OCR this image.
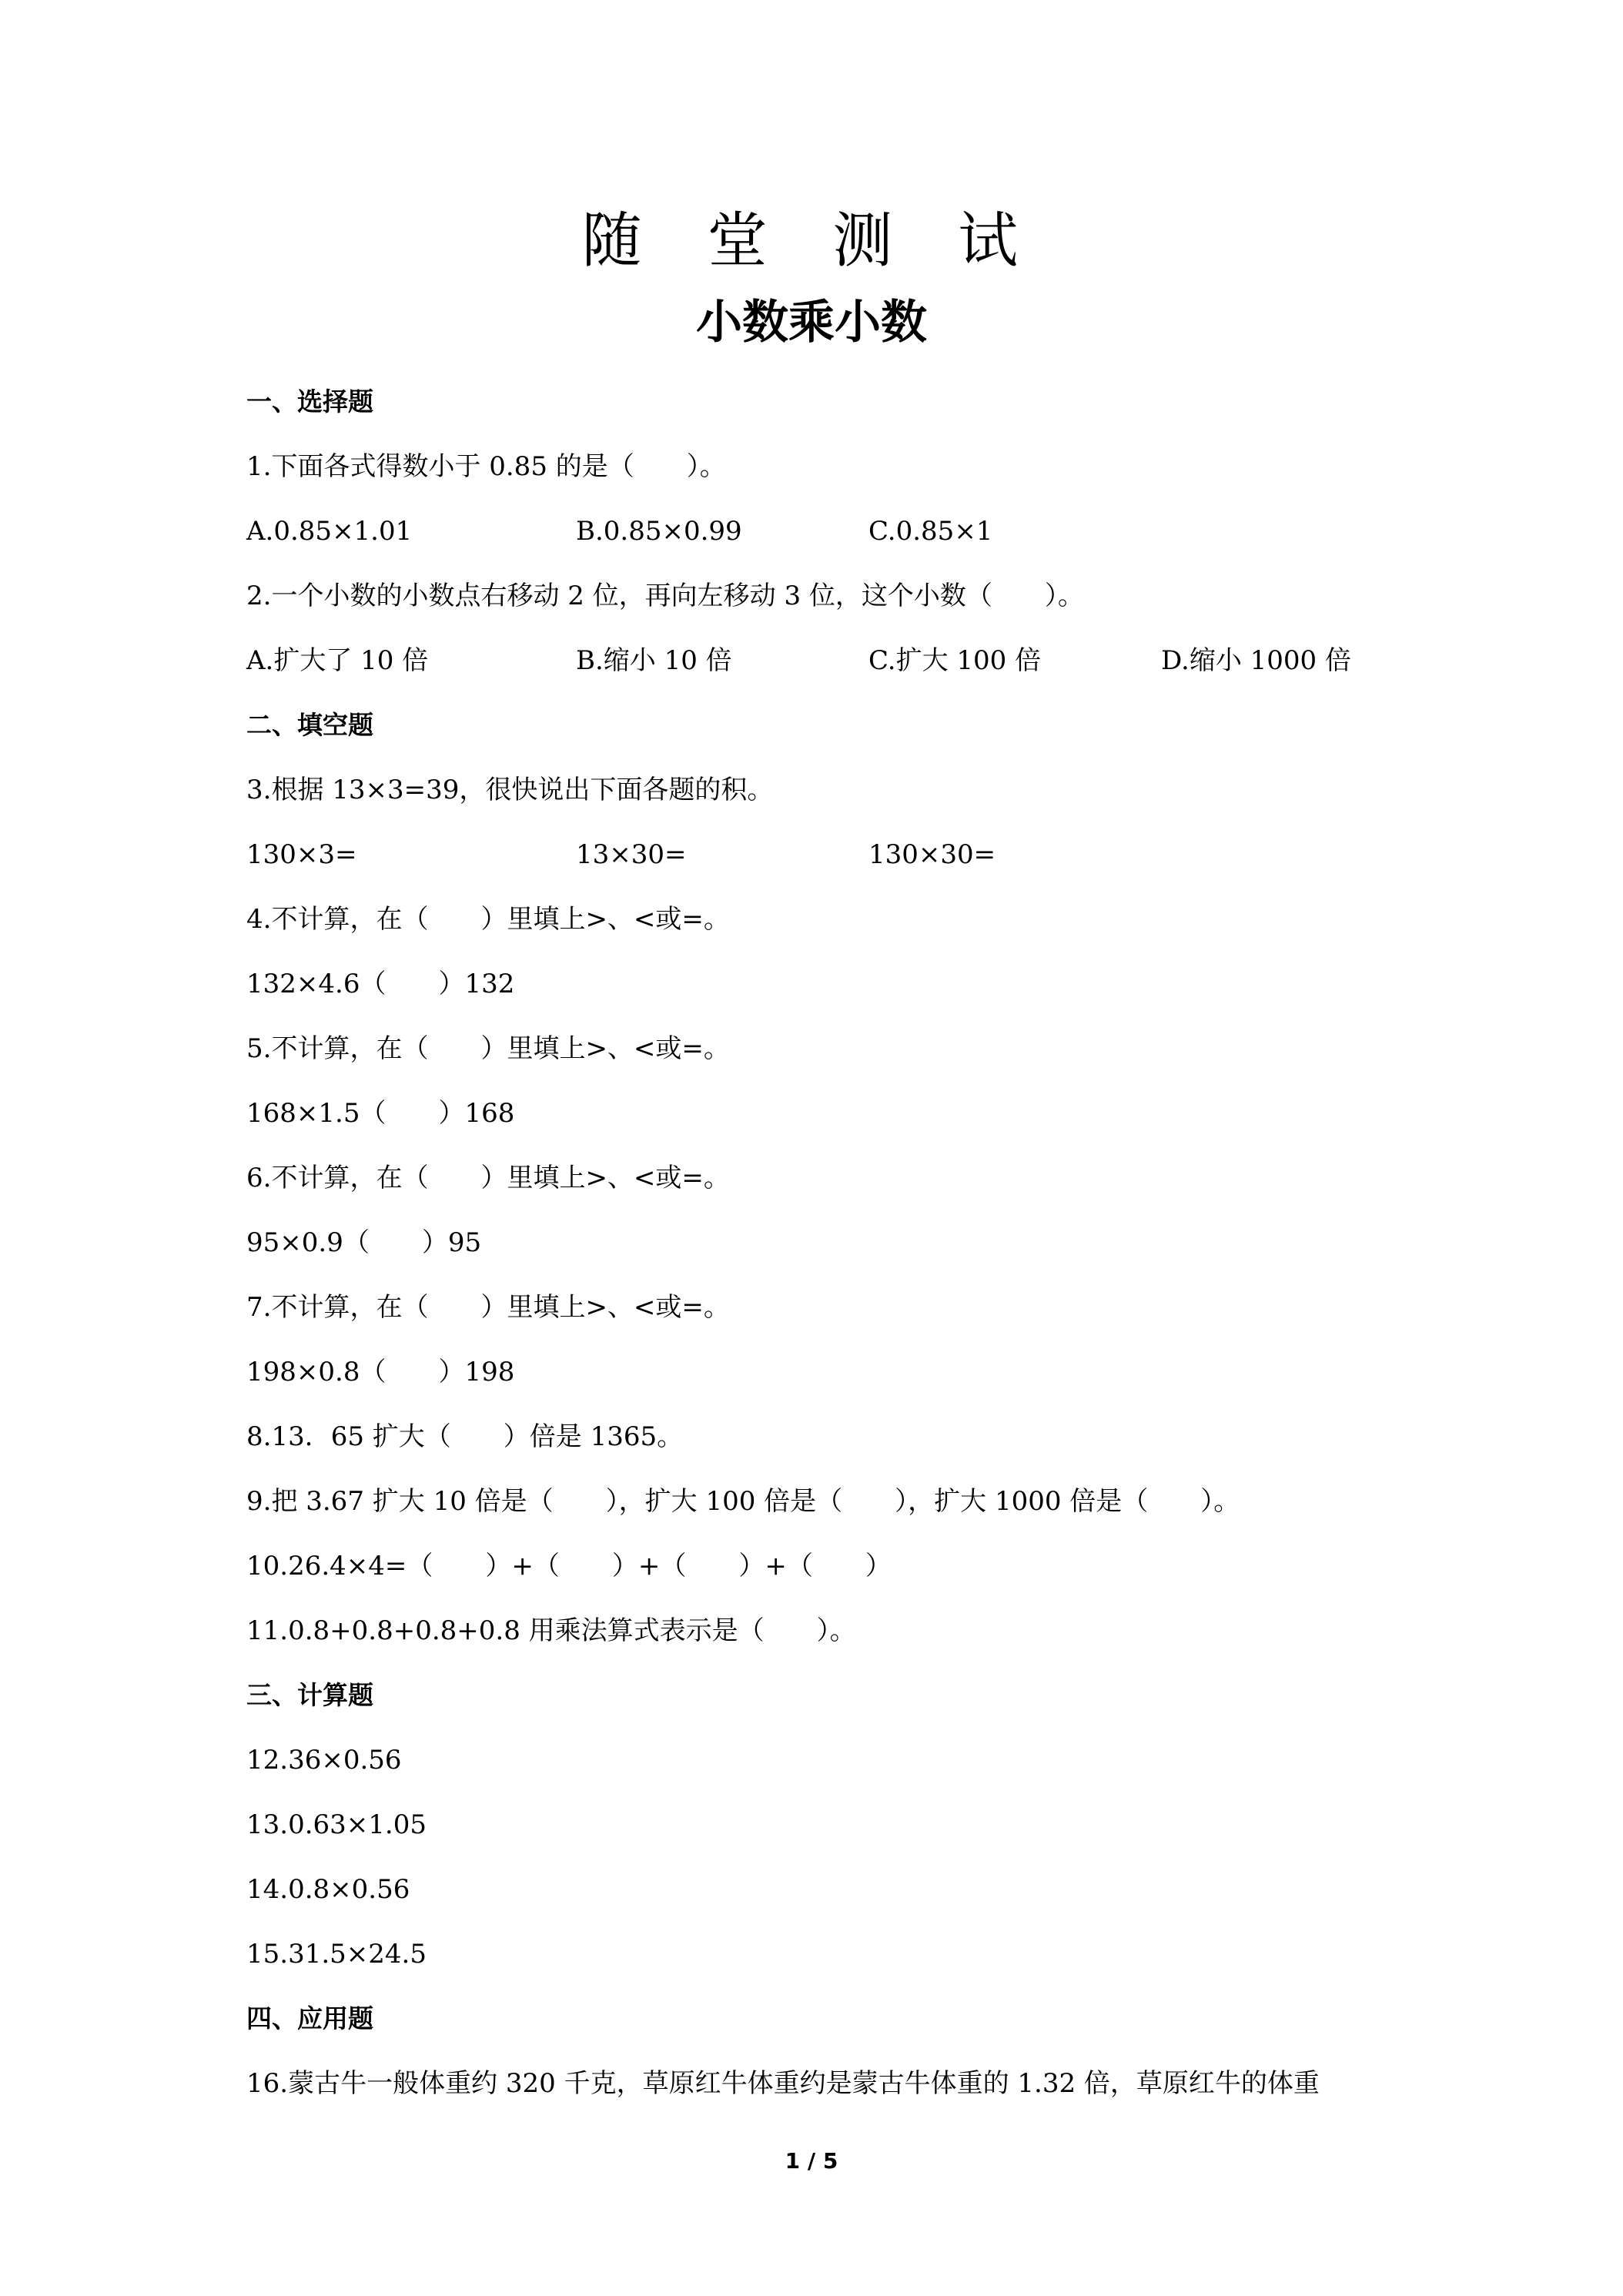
随 堂 测 试
小数乘小数
一、选择题
1.下面各式得数小于 0.85 的是（　　）。
A.0.85×1.01	B.0.85×0.99	C.0.85×1
2.一个小数的小数点右移动 2 位，再向左移动 3 位，这个小数（　　）。
A.扩大了 10 倍	B.缩小 10 倍	C.扩大 100 倍	D.缩小 1000 倍
二、填空题
3.根据 13×3=39，很快说出下面各题的积。
130×3=	13×30=	130×30=
4.不计算，在（　　）里填上>、<或=。
132×4.6（　　）132
5.不计算，在（　　）里填上>、<或=。
168×1.5（　　）168
6.不计算，在（　　）里填上>、<或=。
95×0.9（　　）95
7.不计算，在（　　）里填上>、<或=。
198×0.8（　　）198
8.13．65 扩大（　　）倍是 1365。
9.把 3.67 扩大 10 倍是（　　），扩大 100 倍是（　　），扩大 1000 倍是（　　）。
10.26.4×4=（　　）+（　　）+（　　）+（　　）
11.0.8+0.8+0.8+0.8 用乘法算式表示是（　　）。
三、计算题
12.36×0.56
13.0.63×1.05
14.0.8×0.56
15.31.5×24.5
四、应用题
16.蒙古牛一般体重约 320 千克，草原红牛体重约是蒙古牛体重的 1.32 倍，草原红牛的体重
1 / 5
